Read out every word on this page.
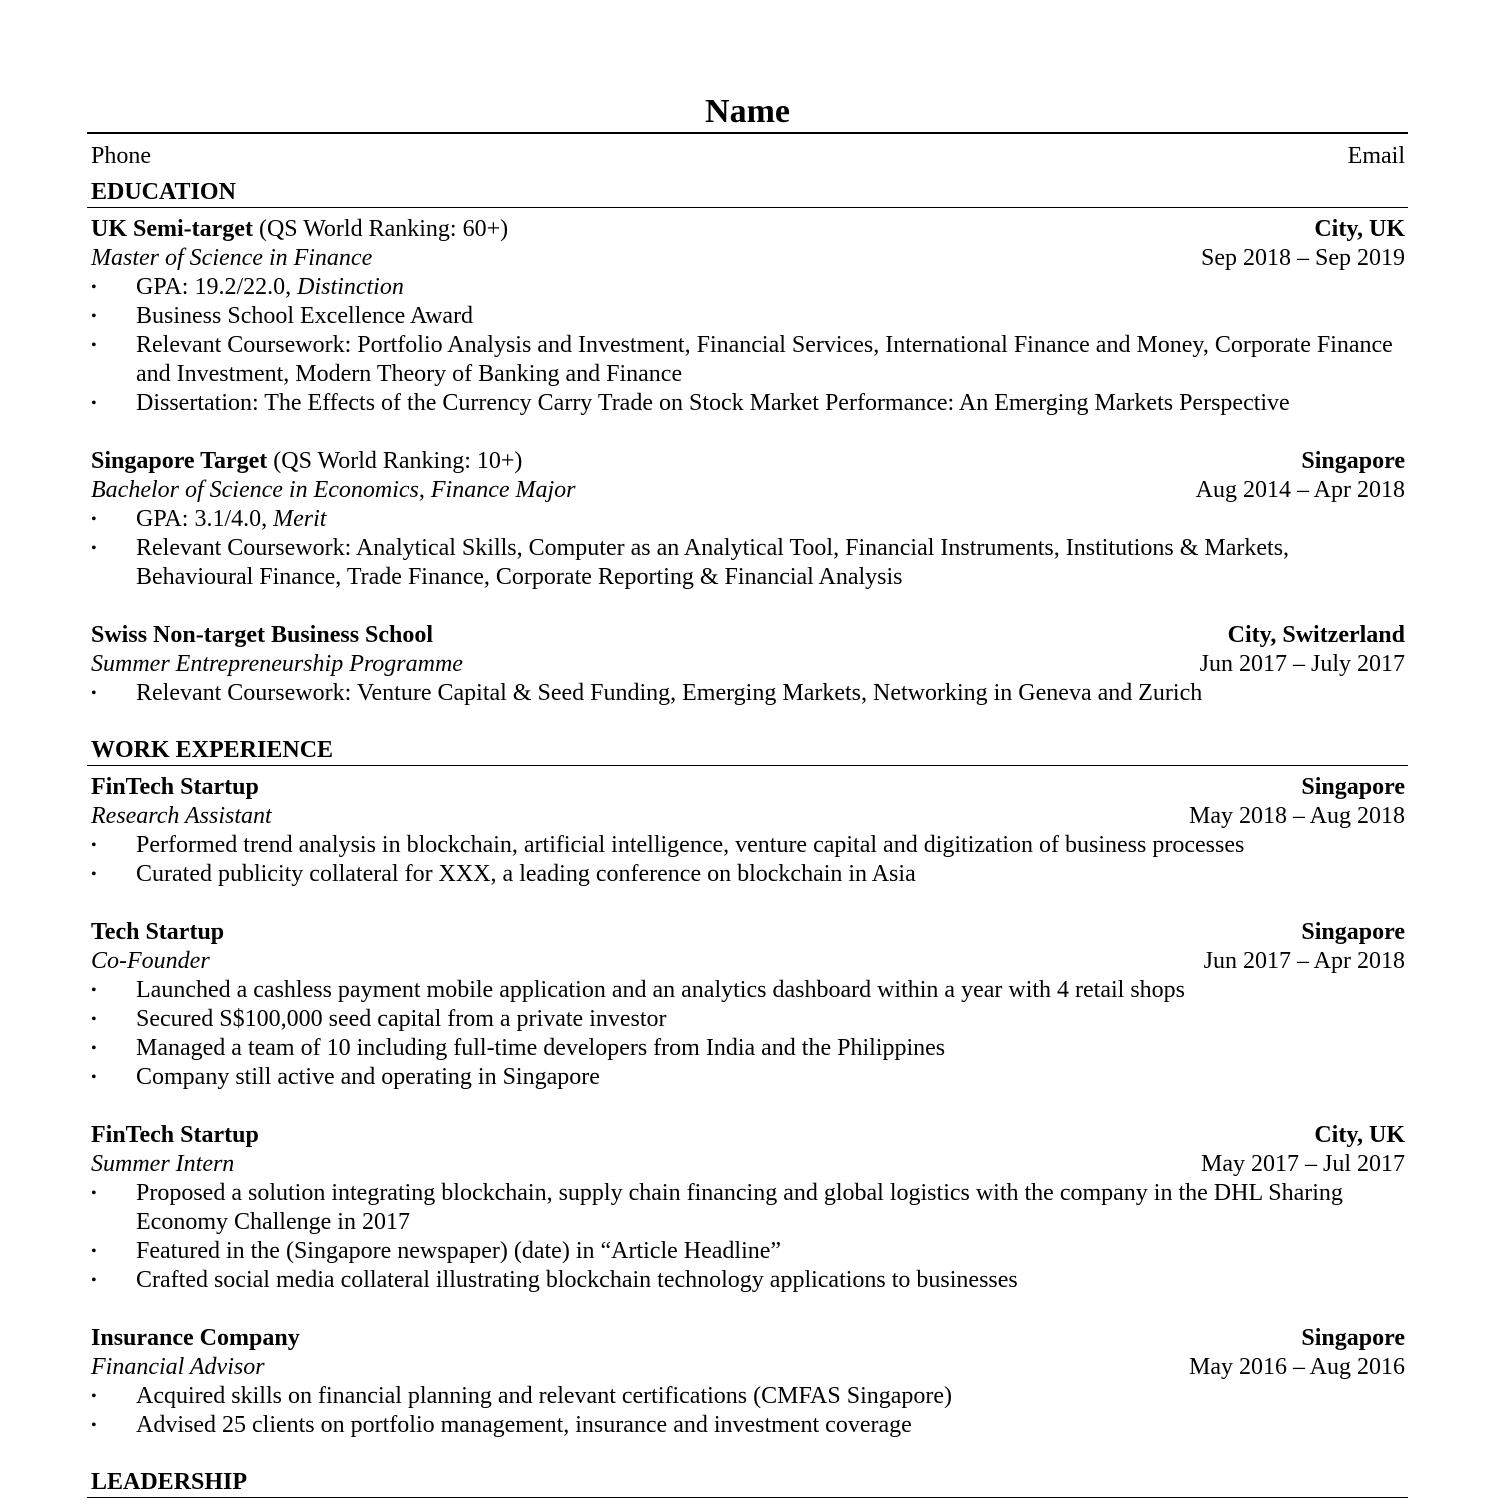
Name
Phone	Email
EDUCATION
UK Semi-target (QS World Ranking: 60+)	City, UK
Master of Science in Finance	Sep 2018 – Sep 2019
• GPA: 19.2/22.0, Distinction
• Business School Excellence Award
• Relevant Coursework: Portfolio Analysis and Investment, Financial Services, International Finance and Money, Corporate Finance and Investment, Modern Theory of Banking and Finance
• Dissertation: The Effects of the Currency Carry Trade on Stock Market Performance: An Emerging Markets Perspective
Singapore Target (QS World Ranking: 10+)	Singapore
Bachelor of Science in Economics, Finance Major	Aug 2014 – Apr 2018
• GPA: 3.1/4.0, Merit
• Relevant Coursework: Analytical Skills, Computer as an Analytical Tool, Financial Instruments, Institutions & Markets, Behavioural Finance, Trade Finance, Corporate Reporting & Financial Analysis
Swiss Non-target Business School	City, Switzerland
Summer Entrepreneurship Programme	Jun 2017 – July 2017
• Relevant Coursework: Venture Capital & Seed Funding, Emerging Markets, Networking in Geneva and Zurich
WORK EXPERIENCE
FinTech Startup	Singapore
Research Assistant	May 2018 – Aug 2018
• Performed trend analysis in blockchain, artificial intelligence, venture capital and digitization of business processes
• Curated publicity collateral for XXX, a leading conference on blockchain in Asia
Tech Startup	Singapore
Co-Founder	Jun 2017 – Apr 2018
• Launched a cashless payment mobile application and an analytics dashboard within a year with 4 retail shops
• Secured S$100,000 seed capital from a private investor
• Managed a team of 10 including full-time developers from India and the Philippines
• Company still active and operating in Singapore
FinTech Startup	City, UK
Summer Intern	May 2017 – Jul 2017
• Proposed a solution integrating blockchain, supply chain financing and global logistics with the company in the DHL Sharing Economy Challenge in 2017
• Featured in the (Singapore newspaper) (date) in “Article Headline”
• Crafted social media collateral illustrating blockchain technology applications to businesses
Insurance Company	Singapore
Financial Advisor	May 2016 – Aug 2016
• Acquired skills on financial planning and relevant certifications (CMFAS Singapore)
• Advised 25 clients on portfolio management, insurance and investment coverage
LEADERSHIP
